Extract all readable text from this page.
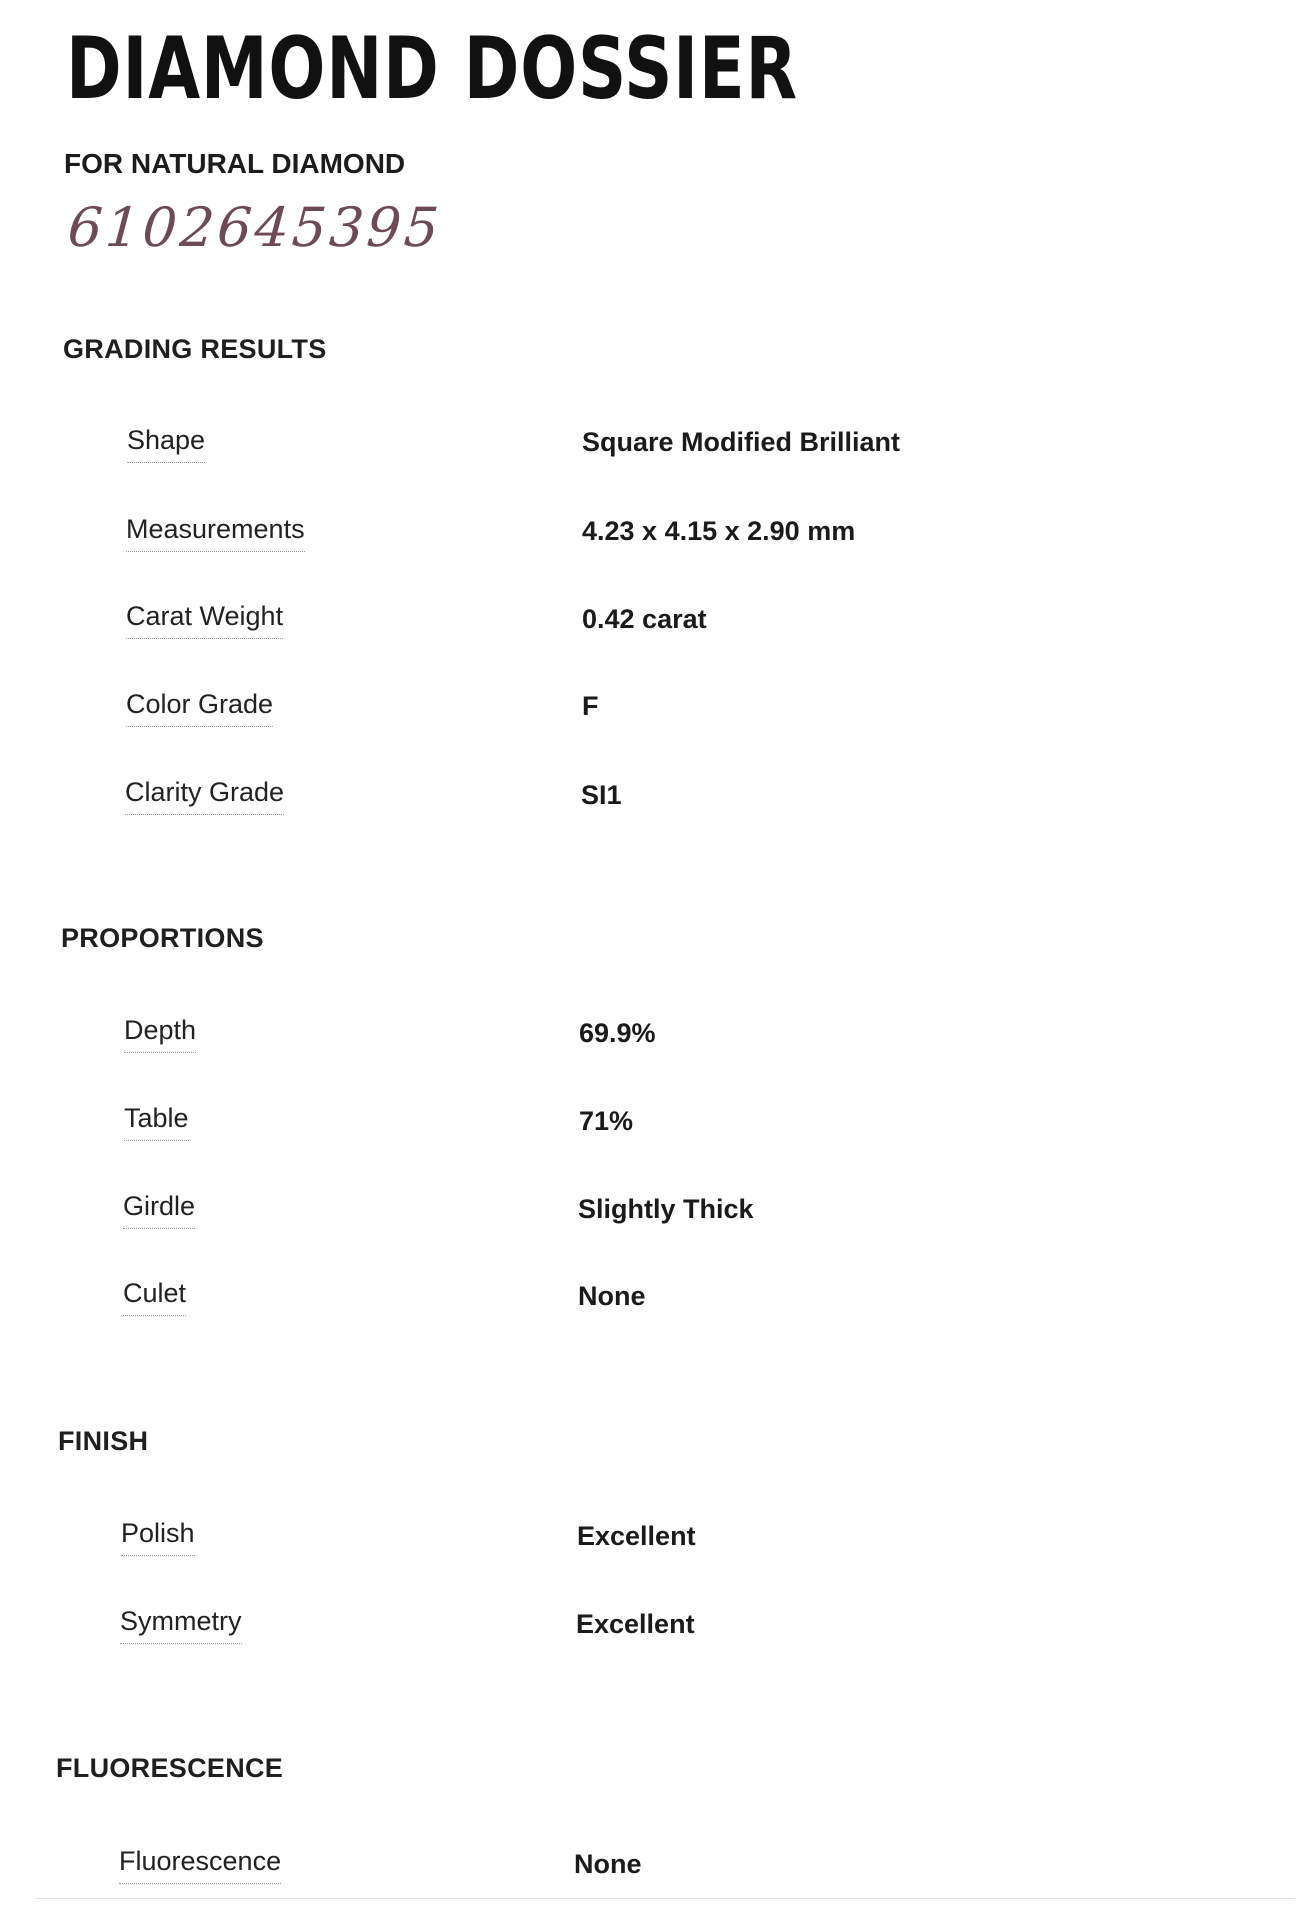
DIAMOND DOSSIER
FOR NATURAL DIAMOND
6102645395
GRADING RESULTS
Shape	Square Modified Brilliant
Measurements	4.23 x 4.15 x 2.90 mm
Carat Weight	0.42 carat
Color Grade	F
Clarity Grade	SI1
PROPORTIONS
Depth	69.9%
Table	71%
Girdle	Slightly Thick
Culet	None
FINISH
Polish	Excellent
Symmetry	Excellent
FLUORESCENCE
Fluorescence	None
